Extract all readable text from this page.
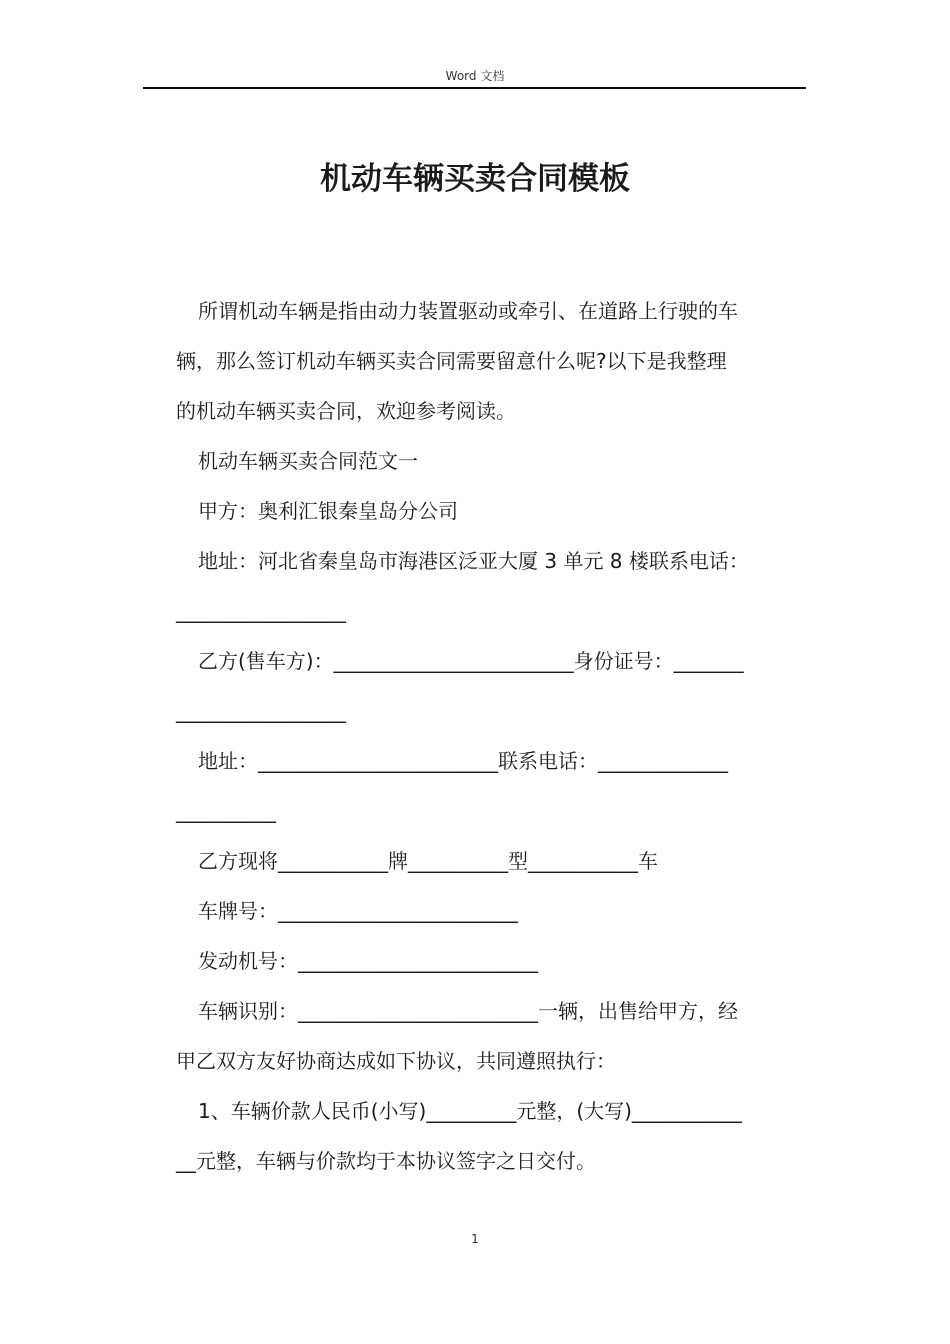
Word 文档
机动车辆买卖合同模板
所谓机动车辆是指由动力装置驱动或牵引、在道路上行驶的车
辆，那么签订机动车辆买卖合同需要留意什么呢?以下是我整理
的机动车辆买卖合同，欢迎参考阅读。
机动车辆买卖合同范文一
甲方：奥利汇银秦皇岛分公司
地址：河北省秦皇岛市海港区泛亚大厦 3 单元 8 楼联系电话：
_________________
乙方(售车方)：________________________身份证号：_______
_________________
地址：________________________联系电话：_____________
__________
乙方现将___________牌__________型___________车
车牌号：________________________
发动机号：________________________
车辆识别：________________________一辆，出售给甲方，经
甲乙双方友好协商达成如下协议，共同遵照执行：
1、车辆价款人民币(小写)_________元整，(大写)___________
__元整，车辆与价款均于本协议签字之日交付。
1
